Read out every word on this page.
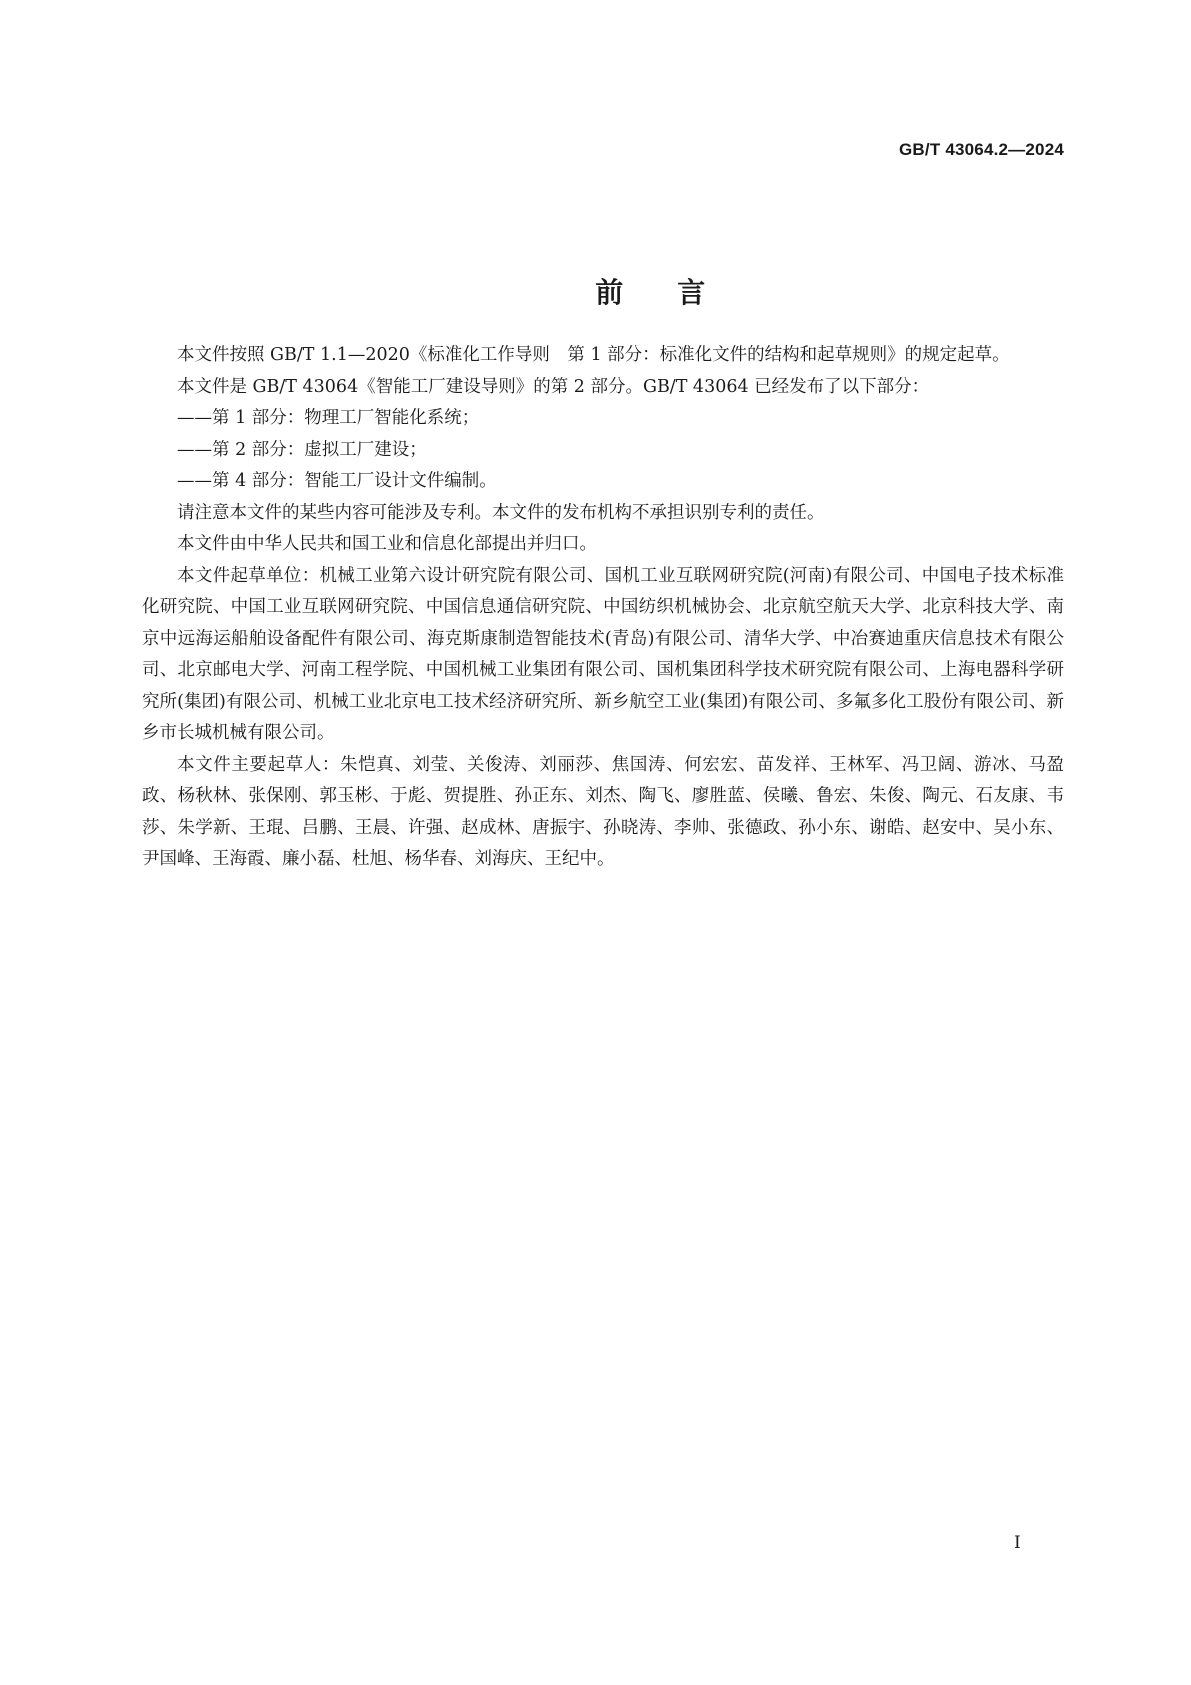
GB/T 43064.2—2024

前 言

本文件按照 GB/T 1.1—2020《标准化工作导则　第 1 部分：标准化文件的结构和起草规则》的规定起草。

本文件是 GB/T 43064《智能工厂建设导则》的第 2 部分。GB/T 43064 已经发布了以下部分：

——第 1 部分：物理工厂智能化系统；

——第 2 部分：虚拟工厂建设；

——第 4 部分：智能工厂设计文件编制。

请注意本文件的某些内容可能涉及专利。本文件的发布机构不承担识别专利的责任。

本文件由中华人民共和国工业和信息化部提出并归口。

本文件起草单位：机械工业第六设计研究院有限公司、国机工业互联网研究院(河南)有限公司、中国电子技术标准化研究院、中国工业互联网研究院、中国信息通信研究院、中国纺织机械协会、北京航空航天大学、北京科技大学、南京中远海运船舶设备配件有限公司、海克斯康制造智能技术(青岛)有限公司、清华大学、中冶赛迪重庆信息技术有限公司、北京邮电大学、河南工程学院、中国机械工业集团有限公司、国机集团科学技术研究院有限公司、上海电器科学研究所(集团)有限公司、机械工业北京电工技术经济研究所、新乡航空工业(集团)有限公司、多氟多化工股份有限公司、新乡市长城机械有限公司。

本文件主要起草人：朱恺真、刘莹、关俊涛、刘丽莎、焦国涛、何宏宏、苗发祥、王林军、冯卫阔、游冰、马盈政、杨秋林、张保刚、郭玉彬、于彪、贺提胜、孙正东、刘杰、陶飞、廖胜蓝、侯曦、鲁宏、朱俊、陶元、石友康、韦莎、朱学新、王琨、吕鹏、王晨、许强、赵成林、唐振宇、孙晓涛、李帅、张德政、孙小东、谢皓、赵安中、吴小东、尹国峰、王海霞、廉小磊、杜旭、杨华春、刘海庆、王纪中。

I
